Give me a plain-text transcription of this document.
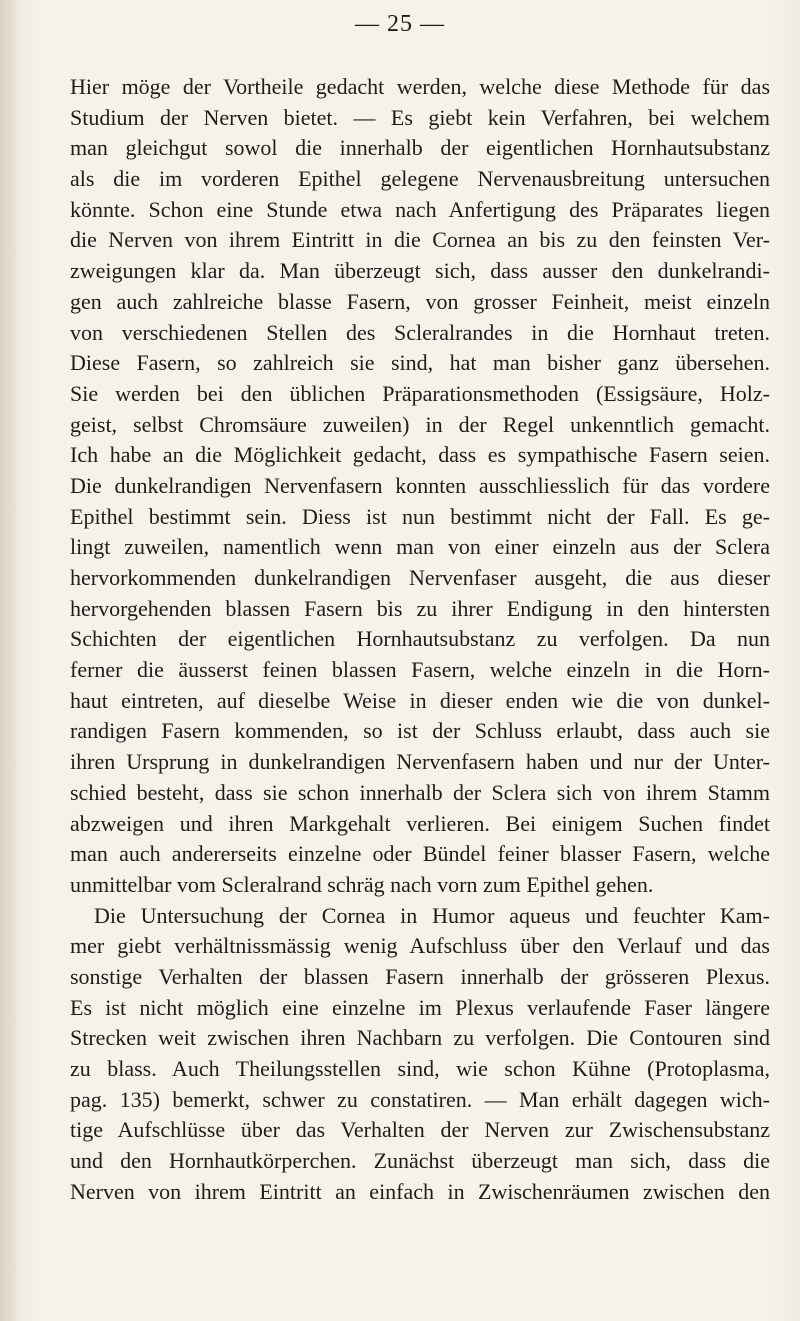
— 25 —
Hier möge der Vortheile gedacht werden, welche diese Methode für das
Studium der Nerven bietet. — Es giebt kein Verfahren, bei welchem
man gleichgut sowol die innerhalb der eigentlichen Hornhautsubstanz
als die im vorderen Epithel gelegene Nervenausbreitung untersuchen
könnte. Schon eine Stunde etwa nach Anfertigung des Präparates liegen
die Nerven von ihrem Eintritt in die Cornea an bis zu den feinsten Ver-
zweigungen klar da. Man überzeugt sich, dass ausser den dunkelrandi-
gen auch zahlreiche blasse Fasern, von grosser Feinheit, meist einzeln
von verschiedenen Stellen des Scleralrandes in die Hornhaut treten.
Diese Fasern, so zahlreich sie sind, hat man bisher ganz übersehen.
Sie werden bei den üblichen Präparationsmethoden (Essigsäure, Holz-
geist, selbst Chromsäure zuweilen) in der Regel unkenntlich gemacht.
Ich habe an die Möglichkeit gedacht, dass es sympathische Fasern seien.
Die dunkelrandigen Nervenfasern konnten ausschliesslich für das vordere
Epithel bestimmt sein. Diess ist nun bestimmt nicht der Fall. Es ge-
lingt zuweilen, namentlich wenn man von einer einzeln aus der Sclera
hervorkommenden dunkelrandigen Nervenfaser ausgeht, die aus dieser
hervorgehenden blassen Fasern bis zu ihrer Endigung in den hintersten
Schichten der eigentlichen Hornhautsubstanz zu verfolgen. Da nun
ferner die äusserst feinen blassen Fasern, welche einzeln in die Horn-
haut eintreten, auf dieselbe Weise in dieser enden wie die von dunkel-
randigen Fasern kommenden, so ist der Schluss erlaubt, dass auch sie
ihren Ursprung in dunkelrandigen Nervenfasern haben und nur der Unter-
schied besteht, dass sie schon innerhalb der Sclera sich von ihrem Stamm
abzweigen und ihren Markgehalt verlieren. Bei einigem Suchen findet
man auch andererseits einzelne oder Bündel feiner blasser Fasern, welche
unmittelbar vom Scleralrand schräg nach vorn zum Epithel gehen.
Die Untersuchung der Cornea in Humor aqueus und feuchter Kam-
mer giebt verhältnissmässig wenig Aufschluss über den Verlauf und das
sonstige Verhalten der blassen Fasern innerhalb der grösseren Plexus.
Es ist nicht möglich eine einzelne im Plexus verlaufende Faser längere
Strecken weit zwischen ihren Nachbarn zu verfolgen. Die Contouren sind
zu blass. Auch Theilungsstellen sind, wie schon Kühne (Protoplasma,
pag. 135) bemerkt, schwer zu constatiren. — Man erhält dagegen wich-
tige Aufschlüsse über das Verhalten der Nerven zur Zwischensubstanz
und den Hornhautkörperchen. Zunächst überzeugt man sich, dass die
Nerven von ihrem Eintritt an einfach in Zwischenräumen zwischen den
